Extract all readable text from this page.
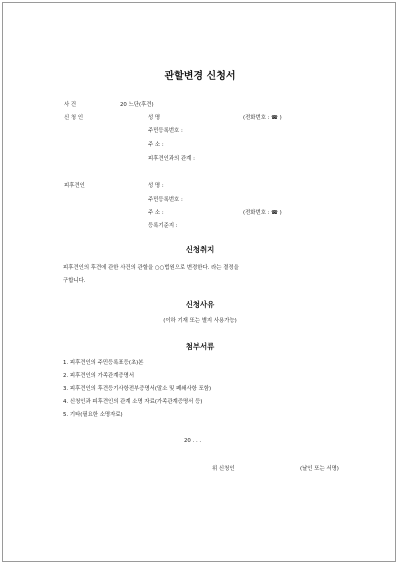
관할변경 신청서
사 건	20 느단(후견)
신 청 인	성 명	(전화번호 : ☎ )
주민등록번호 :
주 소 :
피후견인과의 관계 :
피후견인	성 명 :
주민등록번호 :
주 소 :	(전화번호 : ☎ )
등록기준지 :
신청취지
피후견인의 후견에 관한 사건의 관할을 ○○법원으로 변경한다. 라는 결정을
구합니다.
신청사유
(이하 기재 또는 별지 사용가능)
첨부서류
1. 피후견인의 주민등록표등(초)본
2. 피후견인의 가족관계증명서
3. 피후견인의 후견등기사항전부증명서(말소 및 폐쇄사항 포함)
4. 신청인과 피후견인의 관계 소명 자료(가족관계증명서 등)
5. 기타(필요한 소명자료)
20 . . .
위 신청인	(날인 또는 서명)
